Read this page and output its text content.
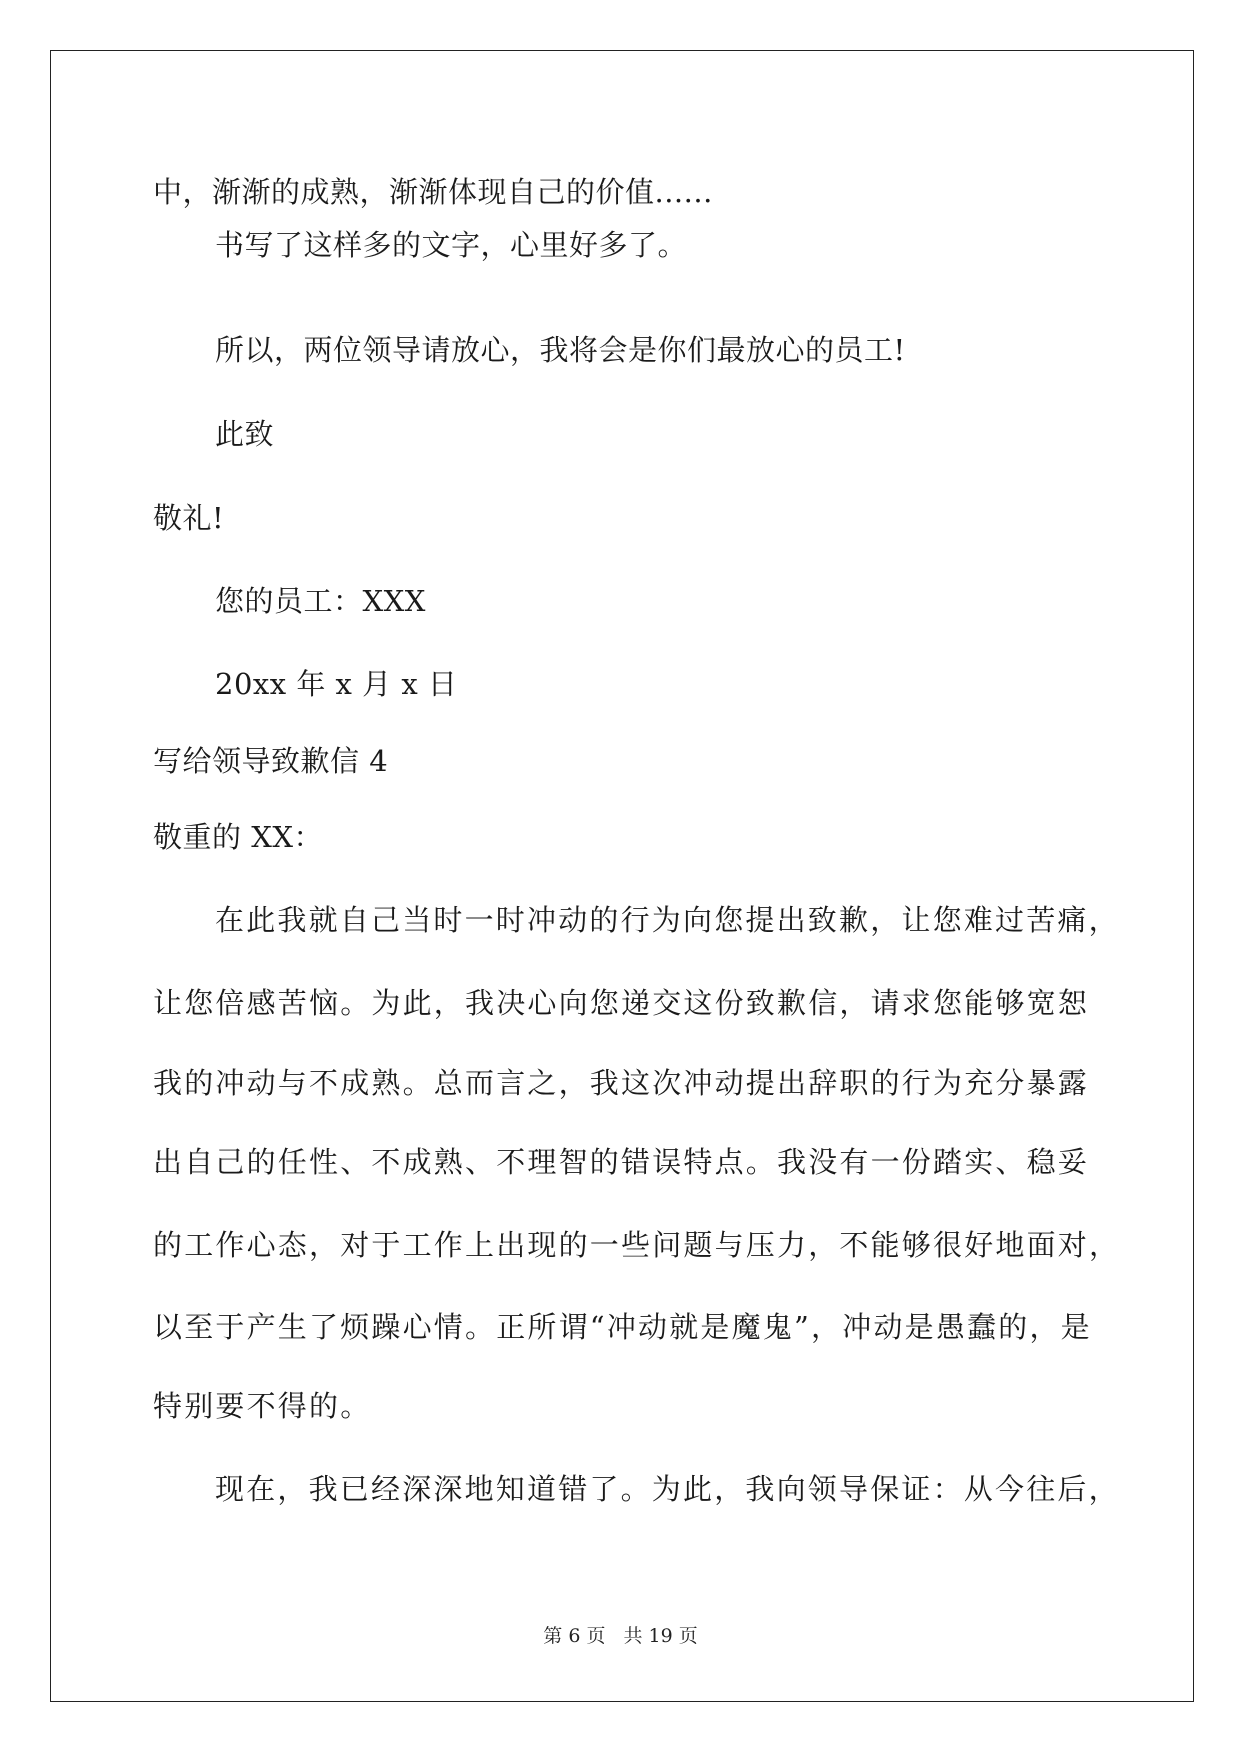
中，渐渐的成熟，渐渐体现自己的价值......
书写了这样多的文字，心里好多了。
所以，两位领导请放心，我将会是你们最放心的员工!
此致
敬礼!
您的员工：XXX
20xx 年 x 月 x 日
写给领导致歉信 4
敬重的 XX：
在此我就自己当时一时冲动的行为向您提出致歉，让您难过苦痛，
让您倍感苦恼。为此，我决心向您递交这份致歉信，请求您能够宽恕
我的冲动与不成熟。总而言之，我这次冲动提出辞职的行为充分暴露
出自己的任性、不成熟、不理智的错误特点。我没有一份踏实、稳妥
的工作心态，对于工作上出现的一些问题与压力，不能够很好地面对，
以至于产生了烦躁心情。正所谓“冲动就是魔鬼”，冲动是愚蠢的，是
特别要不得的。
现在，我已经深深地知道错了。为此，我向领导保证：从今往后，
第 6 页 共 19 页
